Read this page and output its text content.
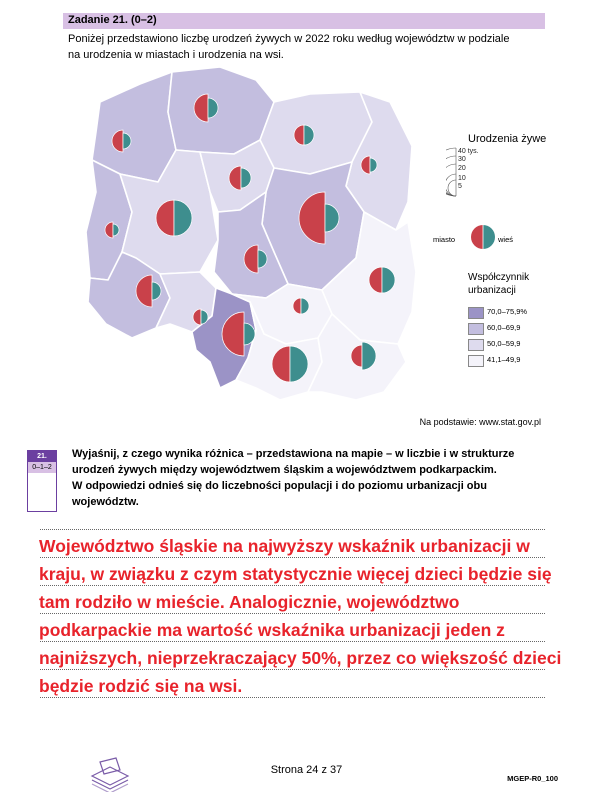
Zadanie 21. (0–2)
Poniżej przedstawiono liczbę urodzeń żywych w 2022 roku według województw w podziale
na urodzenia w miastach i urodzenia na wsi.
Urodzenia żywe
40 tys.
30
20
10
5
miasto	wieś
Współczynnik
urbanizacji
70,0–75,9%
60,0–69,9
50,0–59,9
41,1–49,9
Na podstawie: www.stat.gov.pl
21.
0–1–2
Wyjaśnij, z czego wynika różnica – przedstawiona na mapie – w liczbie i w strukturze
urodzeń żywych między województwem śląskim a województwem podkarpackim.
W odpowiedzi odnieś się do liczebności populacji i do poziomu urbanizacji obu
województw.
Województwo śląskie na najwyższy wskaźnik urbanizacji w
kraju, w związku z czym statystycznie więcej dzieci będzie się
tam rodziło w mieście. Analogicznie, województwo
podkarpackie ma wartość wskaźnika urbanizacji jeden z
najniższych, nieprzekraczający 50%, przez co większość dzieci
będzie rodzić się na wsi.
Strona 24 z 37
MGEP-R0_100
